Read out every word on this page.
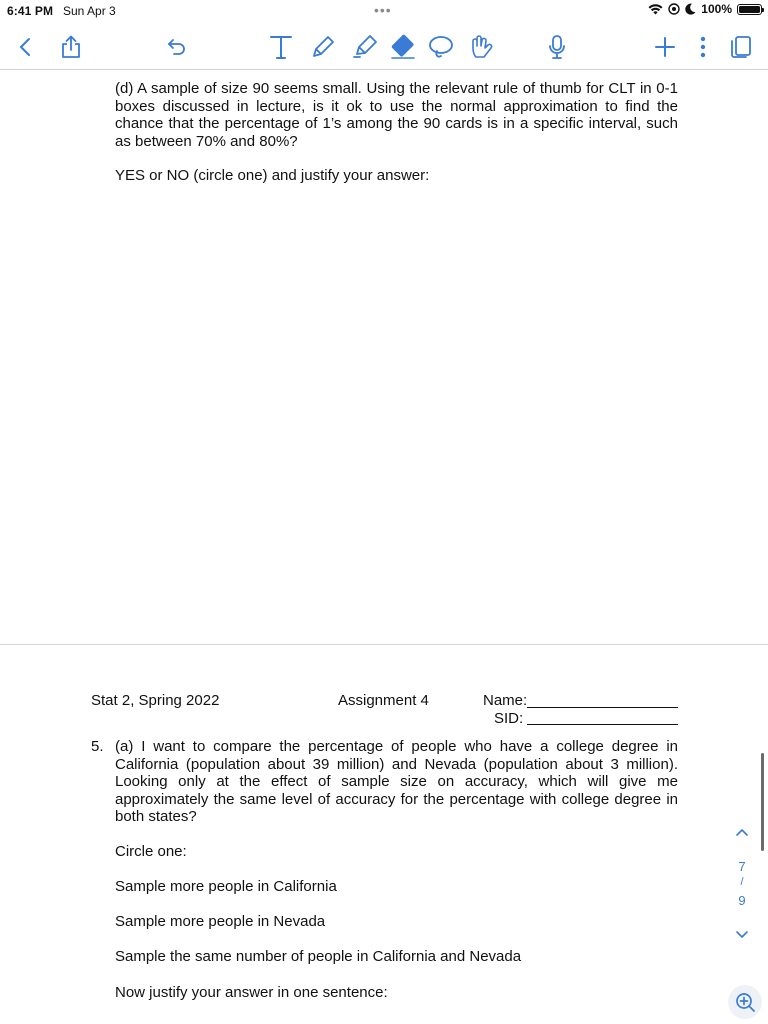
6:41 PM Sun Apr 3	•••	100%
(d) A sample of size 90 seems small. Using the relevant rule of thumb for CLT in 0-1 boxes discussed in lecture, is it ok to use the normal approximation to find the chance that the percentage of 1’s among the 90 cards is in a specific interval, such as between 70% and 80%?
YES or NO (circle one) and justify your answer:
Stat 2, Spring 2022	Assignment 4	Name:
SID:
5. (a) I want to compare the percentage of people who have a college degree in California (population about 39 million) and Nevada (population about 3 million). Looking only at the effect of sample size on accuracy, which will give me approximately the same level of accuracy for the percentage with college degree in both states?
Circle one:
Sample more people in California
Sample more people in Nevada
Sample the same number of people in California and Nevada
Now justify your answer in one sentence:
7
/
9
